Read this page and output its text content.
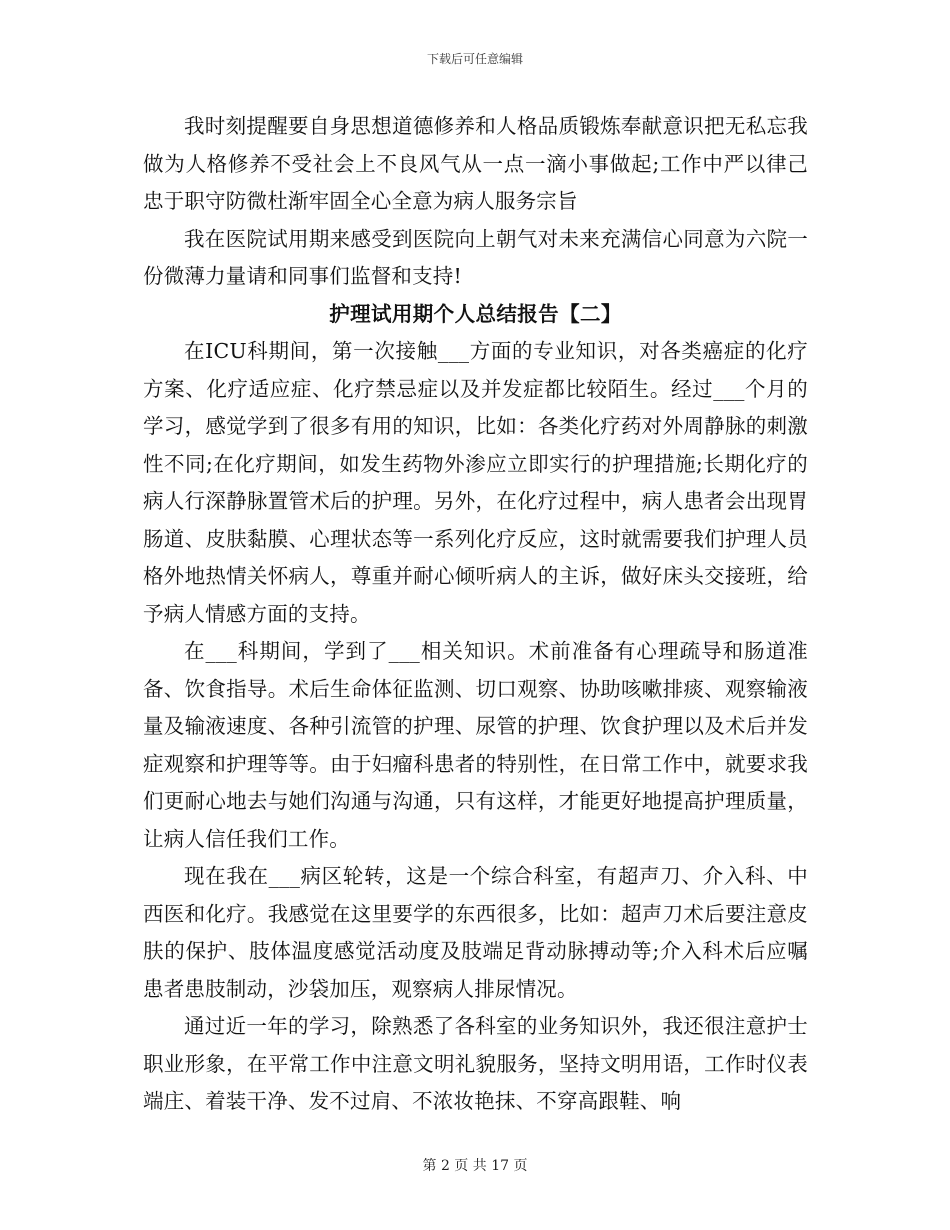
下载后可任意编辑

我时刻提醒要自身思想道德修养和人格品质锻炼奉献意识把无私忘我做为人格修养不受社会上不良风气从一点一滴小事做起;工作中严以律己忠于职守防微杜渐牢固全心全意为病人服务宗旨

我在医院试用期来感受到医院向上朝气对未来充满信心同意为六院一份微薄力量请和同事们监督和支持!

护理试用期个人总结报告【二】

在ICU科期间，第一次接触___方面的专业知识，对各类癌症的化疗方案、化疗适应症、化疗禁忌症以及并发症都比较陌生。经过___个月的学习，感觉学到了很多有用的知识，比如：各类化疗药对外周静脉的刺激性不同;在化疗期间，如发生药物外渗应立即实行的护理措施;长期化疗的病人行深静脉置管术后的护理。另外，在化疗过程中，病人患者会出现胃肠道、皮肤黏膜、心理状态等一系列化疗反应，这时就需要我们护理人员格外地热情关怀病人，尊重并耐心倾听病人的主诉，做好床头交接班，给予病人情感方面的支持。

在___科期间，学到了___相关知识。术前准备有心理疏导和肠道准备、饮食指导。术后生命体征监测、切口观察、协助咳嗽排痰、观察输液量及输液速度、各种引流管的护理、尿管的护理、饮食护理以及术后并发症观察和护理等等。由于妇瘤科患者的特别性，在日常工作中，就要求我们更耐心地去与她们沟通与沟通，只有这样，才能更好地提高护理质量，让病人信任我们工作。

现在我在___病区轮转，这是一个综合科室，有超声刀、介入科、中西医和化疗。我感觉在这里要学的东西很多，比如：超声刀术后要注意皮肤的保护、肢体温度感觉活动度及肢端足背动脉搏动等;介入科术后应嘱患者患肢制动，沙袋加压，观察病人排尿情况。

通过近一年的学习，除熟悉了各科室的业务知识外，我还很注意护士职业形象，在平常工作中注意文明礼貌服务，坚持文明用语，工作时仪表端庄、着装干净、发不过肩、不浓妆艳抹、不穿高跟鞋、响

第 2 页 共 17 页
